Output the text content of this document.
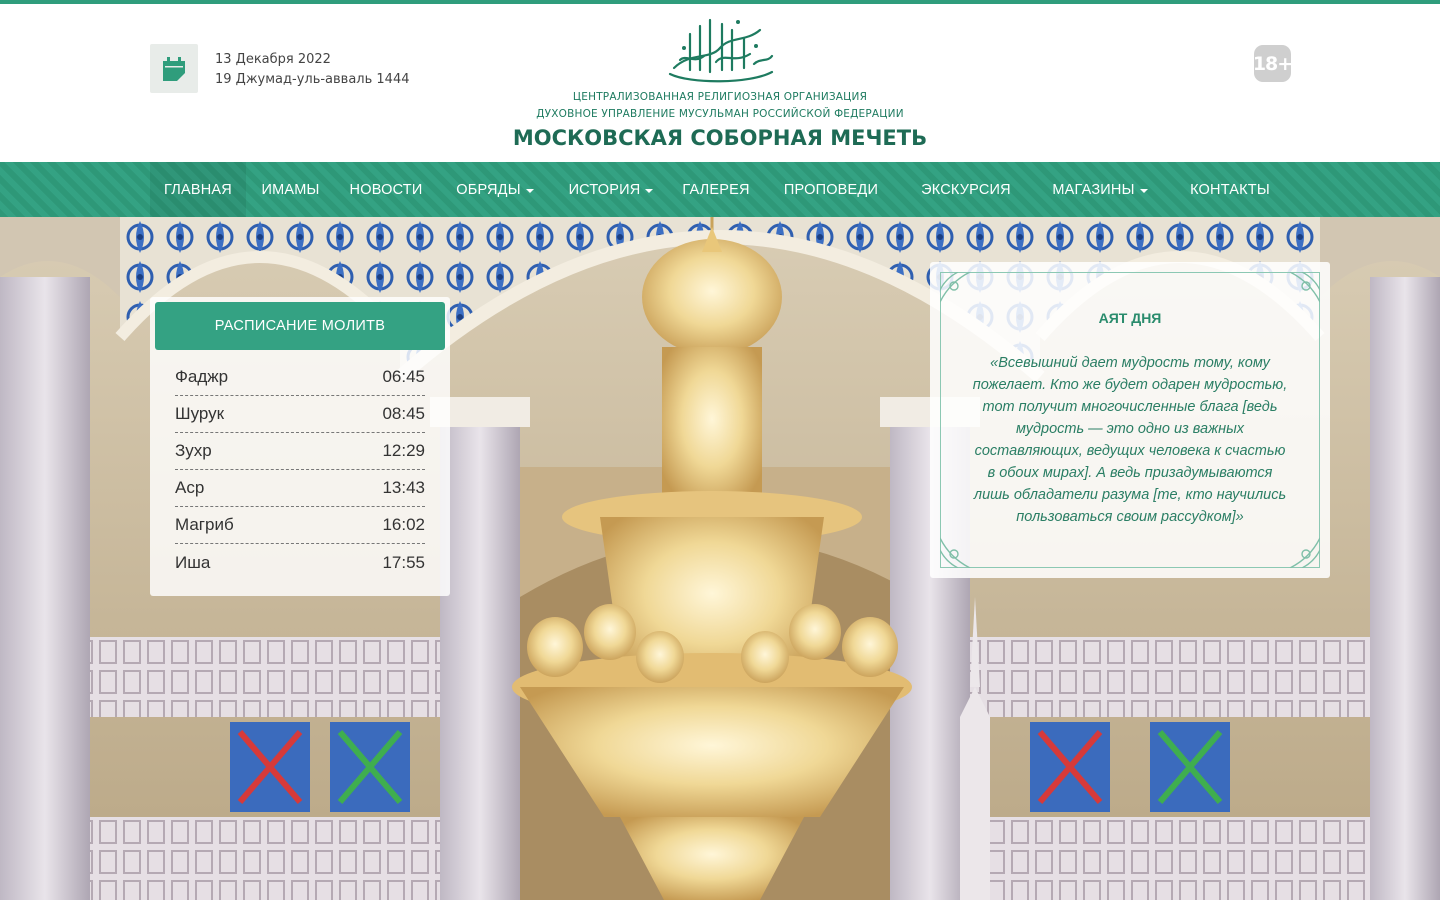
13 Декабря 2022
19 Джумад-уль-авваль 1444
ЦЕНТРАЛИЗОВАННАЯ РЕЛИГИОЗНАЯ ОРГАНИЗАЦИЯ
ДУХОВНОЕ УПРАВЛЕНИЕ МУСУЛЬМАН РОССИЙСКОЙ ФЕДЕРАЦИИ
МОСКОВСКАЯ СОБОРНАЯ МЕЧЕТЬ
18+
ГЛАВНАЯ ИМАМЫ НОВОСТИ ОБРЯДЫ	ИСТОРИЯ	ГАЛЕРЕЯ ПРОПОВЕДИ	ЭКСКУРСИЯ	МАГАЗИНЫ	КОНТАКТЫ
РАСПИСАНИЕ МОЛИТВ
Фаджр	06:45
Шурук	08:45
Зухр	12:29
Аср	13:43
Магриб	16:02
Иша	17:55
АЯТ ДНЯ
«Всевышний дает мудрость тому, кому
пожелает. Кто же будет одарен мудростью,
тот получит многочисленные блага [ведь
мудрость — это одно из важных
составляющих, ведущих человека к счастью
в обоих мирах]. А ведь призадумываются
лишь обладатели разума [те, кто научились
пользоваться своим рассудком]»
